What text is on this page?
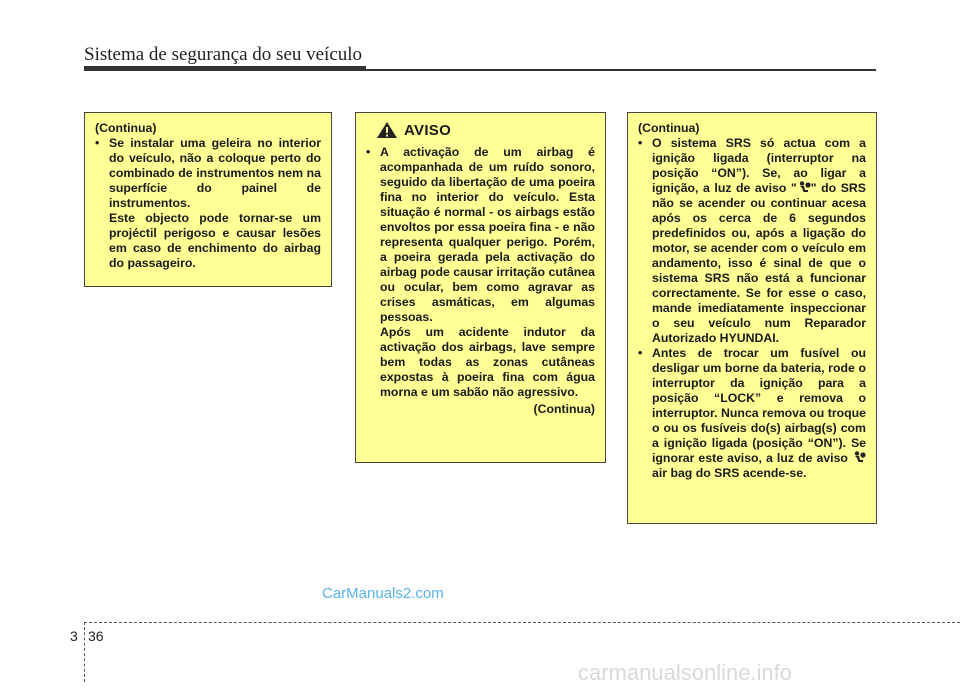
Sistema de segurança do seu veículo

(Continua)

• Se instalar uma geleira no interior do veículo, não a coloque perto do combinado de instrumentos nem na superfície do painel de instrumentos.

Este objecto pode tornar-se um projéctil perigoso e causar lesões em caso de enchimento do airbag do passageiro.

AVISO

• A activação de um airbag é acompanhada de um ruído sonoro, seguido da libertação de uma poeira fina no interior do veículo. Esta situação é normal - os airbags estão envoltos por essa poeira fina - e não representa qualquer perigo. Porém, a poeira gerada pela activação do airbag pode causar irritação cutânea ou ocular, bem como agravar as crises asmáticas, em algumas pessoas.

Após um acidente indutor da activação dos airbags, lave sempre bem todas as zonas cutâneas expostas à poeira fina com água morna e um sabão não agressivo.

(Continua)

(Continua)

• O sistema SRS só actua com a ignição ligada (interruptor na posição “ON”). Se, ao ligar a ignição, a luz de aviso " " do SRS não se acender ou continuar acesa após os cerca de 6 segundos predefinidos ou, após a ligação do motor, se acender com o veículo em andamento, isso é sinal de que o sistema SRS não está a funcionar correctamente. Se for esse o caso, mande imediatamente inspeccionar o seu veículo num Reparador Autorizado HYUNDAI.

• Antes de trocar um fusível ou desligar um borne da bateria, rode o interruptor da ignição para a posição “LOCK” e remova o interruptor. Nunca remova ou troque o ou os fusíveis do(s) airbag(s) com a ignição ligada (posição “ON”). Se ignorar este aviso, a luz de aviso  air bag do SRS acende-se.

CarManuals2.com
3 36
carmanualsonline.info
